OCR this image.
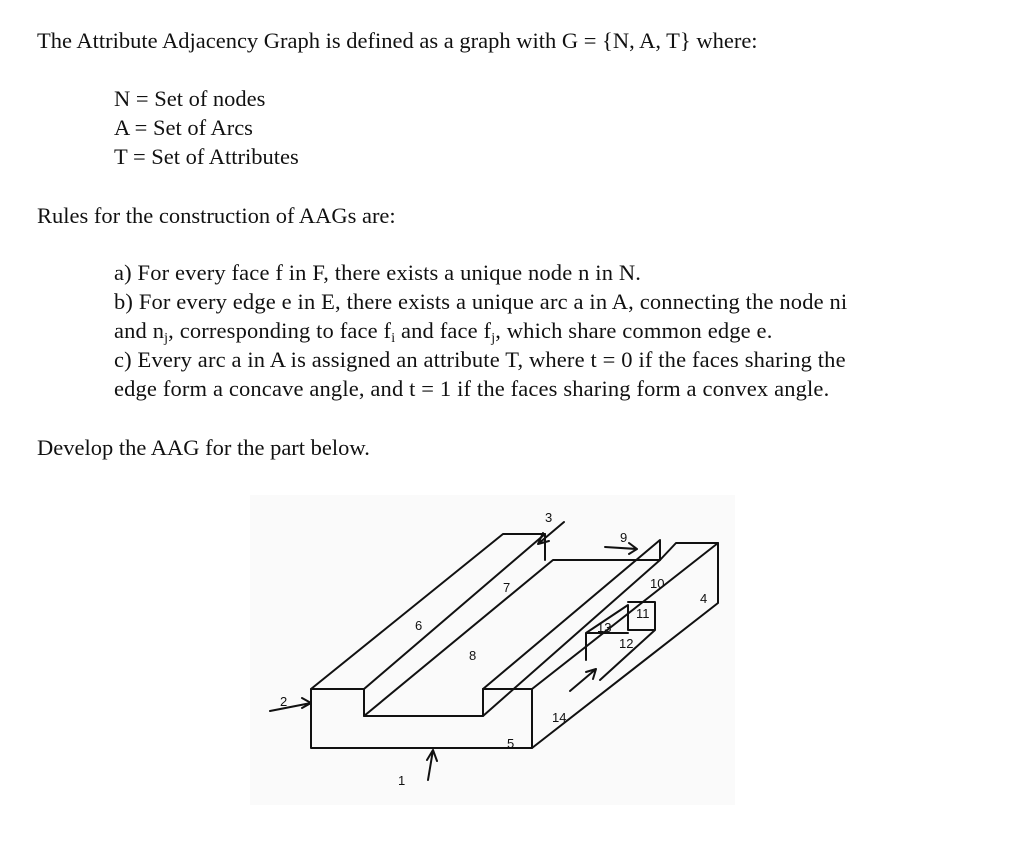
The Attribute Adjacency Graph is defined as a graph with G = {N, A, T} where:
N = Set of nodes
A = Set of Arcs
T = Set of Attributes
Rules for the construction of AAGs are:
a) For every face f in F, there exists a unique node n in N.
b) For every edge e in E, there exists a unique arc a in A, connecting the node ni
and $n_j$, corresponding to face $f_i$ and face $f_j$, which share common edge e.
c) Every arc a in A is assigned an attribute T, where t = 0 if the faces sharing the
edge form a concave angle, and t = 1 if the faces sharing form a convex angle.
Develop the AAG for the part below.
1
2
3
4
5
6
7
8
9
10
11
12
13
14
